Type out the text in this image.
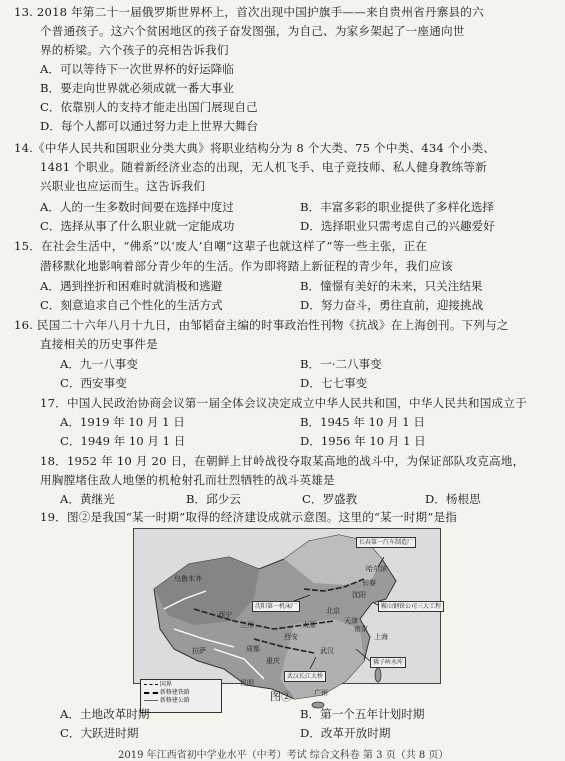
13. 2018 年第二十一届俄罗斯世界杯上，首次出现中国护旗手——来自贵州省丹寨县的六
个普通孩子。这六个贫困地区的孩子奋发图强，为自己、为家乡架起了一座通向世
界的桥梁。六个孩子的亮相告诉我们
A．可以等待下一次世界杯的好运降临
B．要走向世界就必须成就一番大事业
C．依靠别人的支持才能走出国门展现自己
D．每个人都可以通过努力走上世界大舞台
14.《中华人民共和国职业分类大典》将职业结构分为 8 个大类、75 个中类、434 个小类、
1481 个职业。随着新经济业态的出现，无人机飞手、电子竞技师、私人健身教练等新
兴职业也应运而生。这告诉我们
A．人的一生多数时间要在选择中度过	B．丰富多彩的职业提供了多样化选择
C．选择从事了什么职业就一定能成功	D．选择职业只需考虑自己的兴趣爱好
15．在社会生活中，“佛系”以‘废人’自嘲“这辈子也就这样了”等一些主张，正在
潜移默化地影响着部分青少年的生活。作为即将踏上新征程的青少年，我们应该
A．遇到挫折和困难时就消极和逃避	B．憧憬有美好的未来，只关注结果
C．刻意追求自己个性化的生活方式	D．努力奋斗，勇往直前，迎接挑战
16. 民国二十六年八月十九日，由邹韬奋主编的时事政治性刊物《抗战》在上海创刊。下列与之
直接相关的历史事件是
A．九一八事变	B．一·二八事变
C．西安事变	D．七七事变
17．中国人民政治协商会议第一届全体会议决定成立中华人民共和国，中华人民共和国成立于
A．1919 年 10 月 1 日	B．1945 年 10 月 1 日
C．1949 年 10 月 1 日	D．1956 年 10 月 1 日
18．1952 年 10 月 20 日，在朝鲜上甘岭战役夺取某高地的战斗中，为保证部队攻克高地，
用胸膛堵住敌人地堡的机枪射孔而壮烈牺牲的战斗英雄是
A．黄继光	B．邱少云	C．罗盛教	D．杨根思
长春第一汽车制造厂
沈阳第一机床厂	鞍山钢铁公司三大工程
武汉长江大桥
佛子岭水库
哈尔滨
长春
沈阳
北京
天津
兰州	太原
西宁
西安
成都
重庆
武汉
上海
南京
昆明
拉萨
乌鲁木齐
广州
国界
新修建铁路
新修建公路	图②
A．土地改革时期	B．第一个五年计划时期
C．大跃进时期	D．改革开放时期
2019 年江西省初中学业水平（中考）考试 综合文科卷 第 3 页（共 8 页）
19．图②是我国“某一时期”取得的经济建设成就示意图。这里的“某一时期”是指
